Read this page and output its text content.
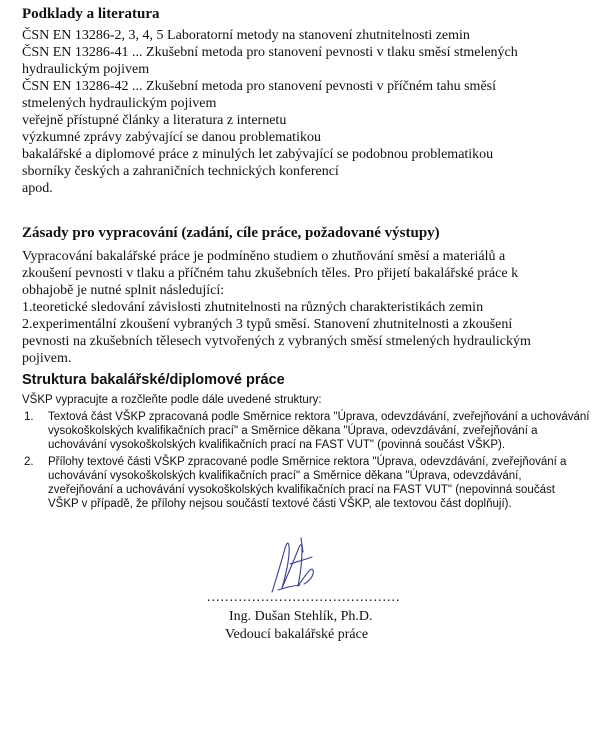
Podklady a literatura
ČSN EN 13286-2, 3, 4, 5 Laboratorní metody na stanovení zhutnitelnosti zemin
ČSN EN 13286-41 ... Zkušební metoda pro stanovení pevnosti v tlaku směsí stmelených
hydraulickým pojivem
ČSN EN 13286-42 ... Zkušební metoda pro stanovení pevnosti v příčném tahu směsí
stmelených hydraulickým pojivem
veřejně přístupné články a literatura z internetu
výzkumné zprávy zabývající se danou problematikou
bakalářské a diplomové práce z minulých let zabývající se podobnou problematikou
sborníky českých a zahraničních technických konferencí
apod.
Zásady pro vypracování (zadání, cíle práce, požadované výstupy)
Vypracování bakalářské práce je podmíněno studiem o zhutňování směsí a materiálů a
zkoušení pevnosti v tlaku a příčném tahu zkušebních těles. Pro přijetí bakalářské práce k
obhajobě je nutné splnit následující:
1.teoretické sledování závislosti zhutnitelnosti na různých charakteristikách zemin
2.experimentální zkoušení vybraných 3 typů směsí. Stanovení zhutnitelnosti a zkoušení
pevnosti na zkušebních tělesech vytvořených z vybraných směsí stmelených hydraulickým
pojivem.
Struktura bakalářské/diplomové práce
VŠKP vypracujte a rozčleňte podle dále uvedené struktury:
1. Textová část VŠKP zpracovaná podle Směrnice rektora "Úprava, odevzdávání, zveřejňování a uchovávání
vysokoškolských kvalifikačních prací" a Směrnice děkana "Úprava, odevzdávání, zveřejňování a
uchovávání vysokoškolských kvalifikačních prací na FAST VUT" (povinná součást VŠKP).
2. Přílohy textové části VŠKP zpracované podle Směrnice rektora "Úprava, odevzdávání, zveřejňování a
uchovávání vysokoškolských kvalifikačních prací" a Směrnice děkana "Úprava, odevzdávání,
zveřejňování a uchovávání vysokoškolských kvalifikačních prací na FAST VUT" (nepovinná součást
VŠKP v případě, že přílohy nejsou součástí textové části VŠKP, ale textovou část doplňují).
...........................................
Ing. Dušan Stehlík, Ph.D.
Vedoucí bakalářské práce
